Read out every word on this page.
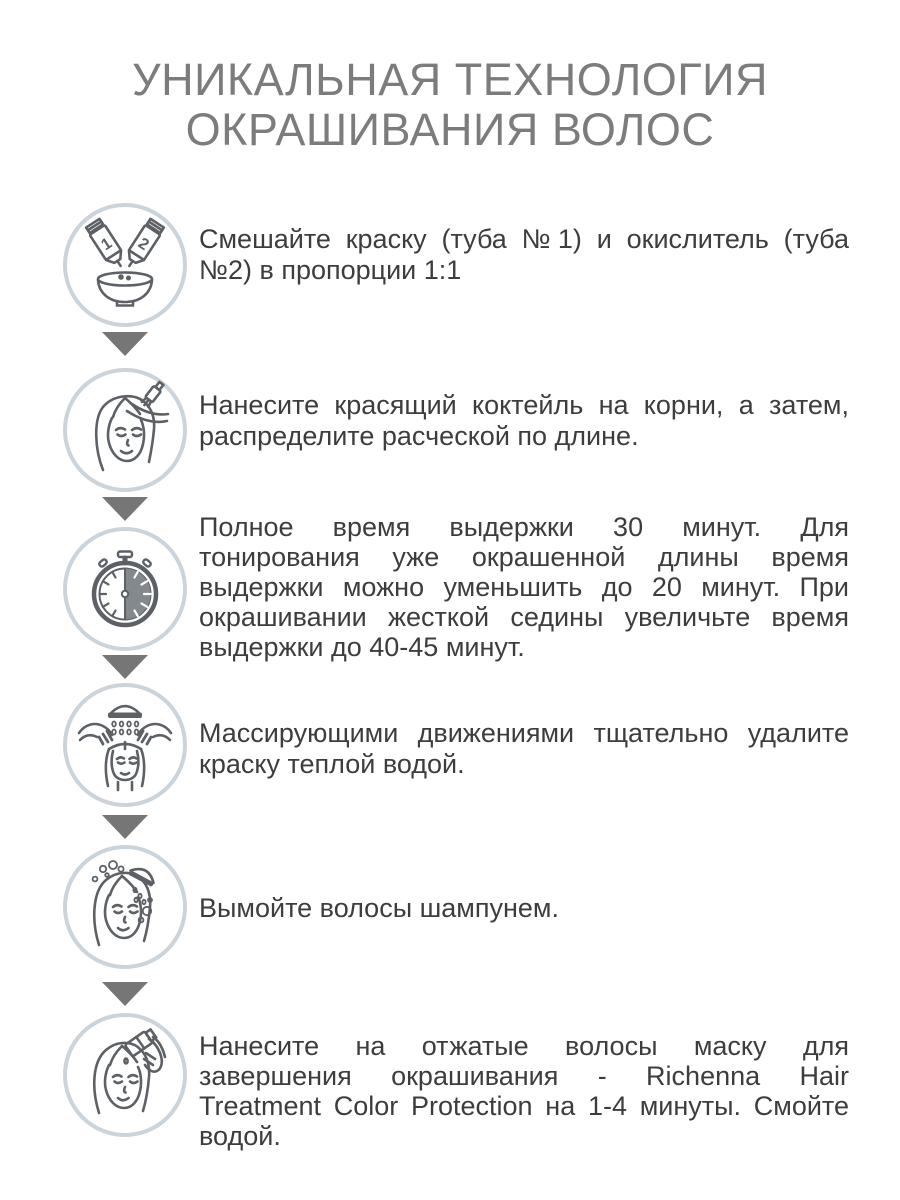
УНИКАЛЬНАЯ ТЕХНОЛОГИЯ
ОКРАШИВАНИЯ ВОЛОС
1 2 Смешайте краску (туба №1) и окислитель (туба №2) в пропорции 1:1
Нанесите красящий коктейль на корни, а затем, распределите расческой по длине.
Полное время выдержки 30 минут. Для тонирования уже окрашенной длины время выдержки можно уменьшить до 20 минут. При окрашивании жесткой седины увеличьте время выдержки до 40-45 минут.
Массирующими движениями тщательно удалите краску теплой водой.
Вымойте волосы шампунем.
Нанесите на отжатые волосы маску для завершения окрашивания - Richenna Hair Treatment Color Protection на 1-4 минуты. Смойте водой.
